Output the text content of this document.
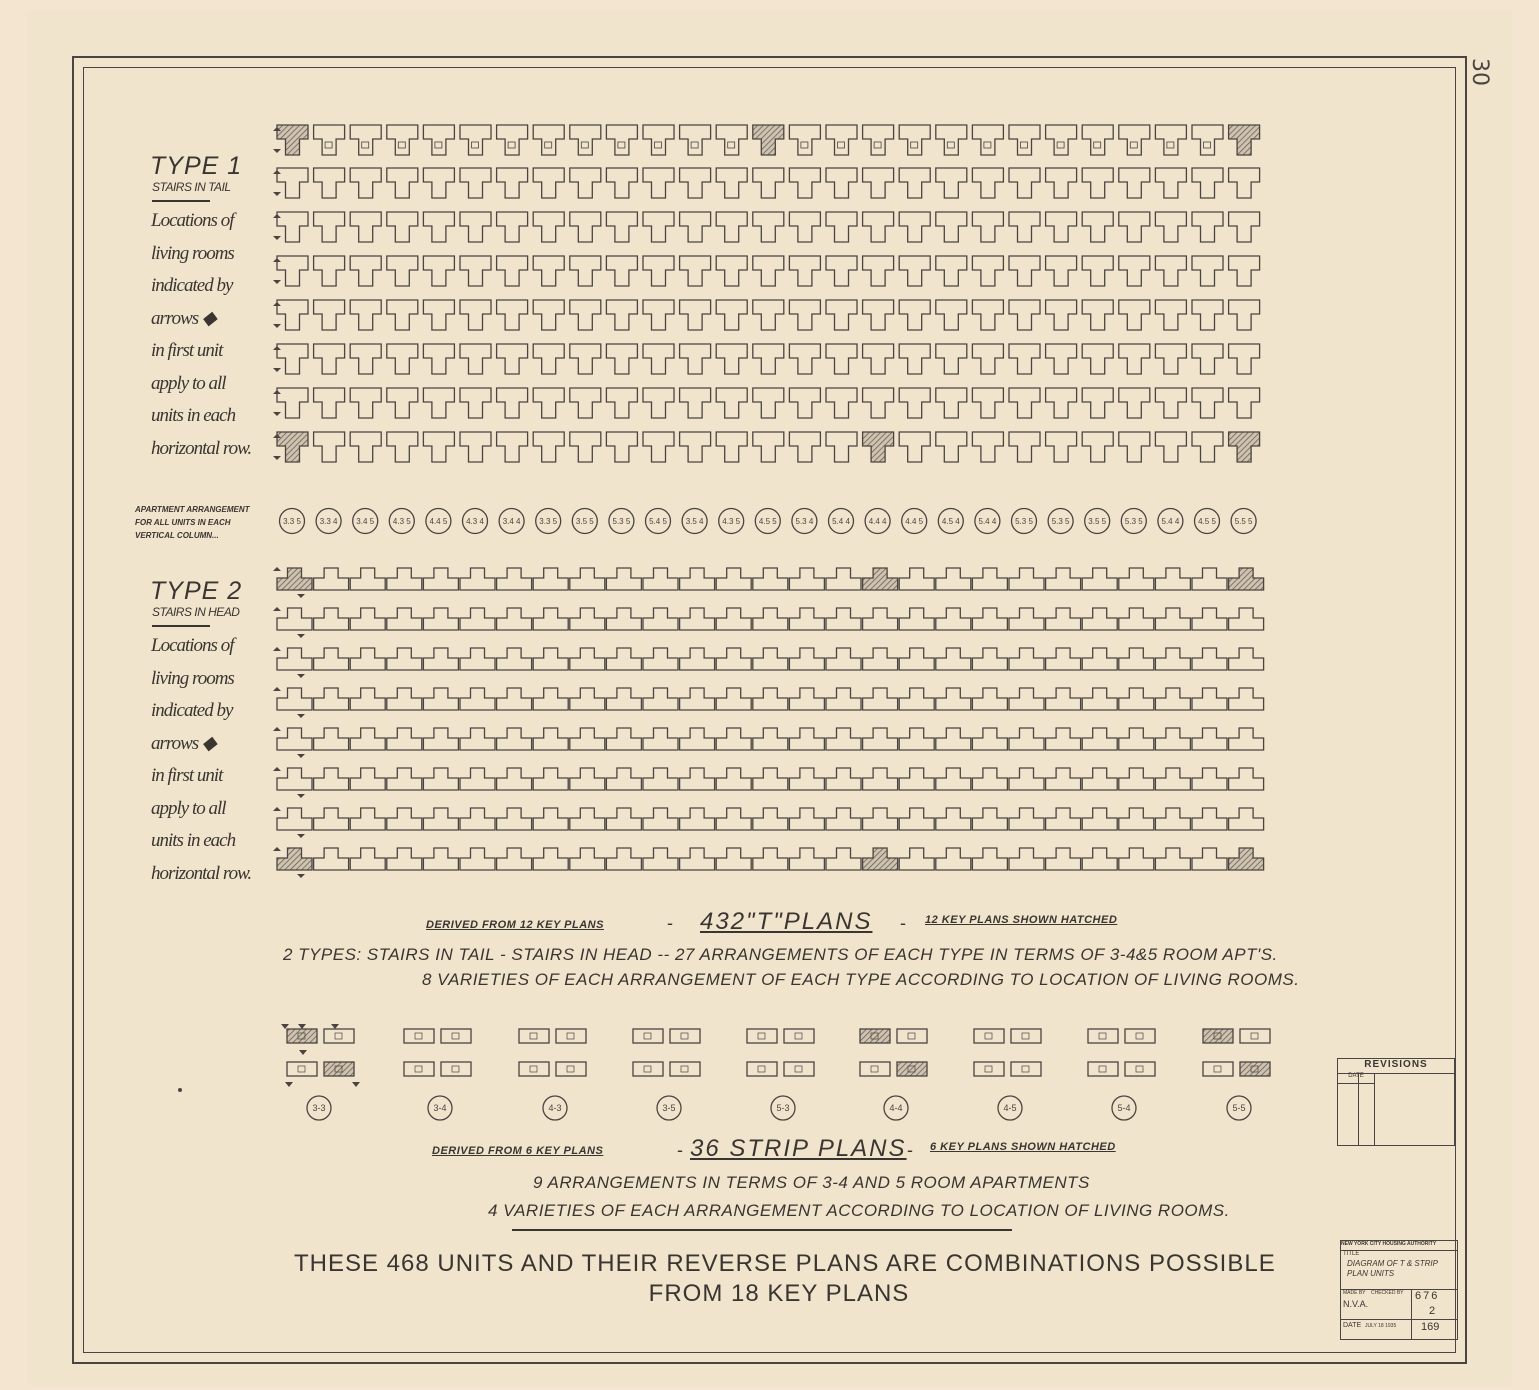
30
TYPE 1
STAIRS IN TAIL
Locations of
living rooms
indicated by
arrows ◆
in first unit
apply to all
units in each
horizontal row.
APARTMENT ARRANGEMENT
FOR ALL UNITS IN EACH
VERTICAL COLUMN...
TYPE 2
STAIRS IN HEAD
Locations of
living rooms
indicated by
arrows ◆
in first unit
apply to all
units in each
horizontal row.
3.3 5 3.3 4 3.4 5 4.3 5 4.4 5 4.3 4 3.4 4 3.3 5 3.5 5 5.3 5 5.4 5 3.5 4 4.3 5 4.5 5 5.3 4 5.4 4 4.4 4 4.4 5 4.5 4 5.4 4 5.3 5 5.3 5 3.5 5 5.3 5 5.4 4 4.5 5 5.5 5
3-3	3-4	4-3	3-5	5-3	4-4	4-5	5-4	5-5
DERIVED FROM 12 KEY PLANS	- 432"T"PLANS - 12 KEY PLANS SHOWN HATCHED
2 TYPES: STAIRS IN TAIL - STAIRS IN HEAD -- 27 ARRANGEMENTS OF EACH TYPE IN TERMS OF 3-4&5 ROOM APT'S.
8 VARIETIES OF EACH ARRANGEMENT OF EACH TYPE ACCORDING TO LOCATION OF LIVING ROOMS.
DERIVED FROM 6 KEY PLANS	- 36 STRIP PLANS - 6 KEY PLANS SHOWN HATCHED
9 ARRANGEMENTS IN TERMS OF 3-4 AND 5 ROOM APARTMENTS
4 VARIETIES OF EACH ARRANGEMENT ACCORDING TO LOCATION OF LIVING ROOMS.
THESE 468 UNITS AND THEIR REVERSE PLANS ARE COMBINATIONS POSSIBLE
FROM 18 KEY PLANS
REVISIONS
DATE
NEW YORK CITY HOUSING AUTHORITY
TITLE
DIAGRAM OF T & STRIP PLAN UNITS
MADE BY
N.V.A.
CHECKED BY 676
2
DATE JULY 18 1935 169
